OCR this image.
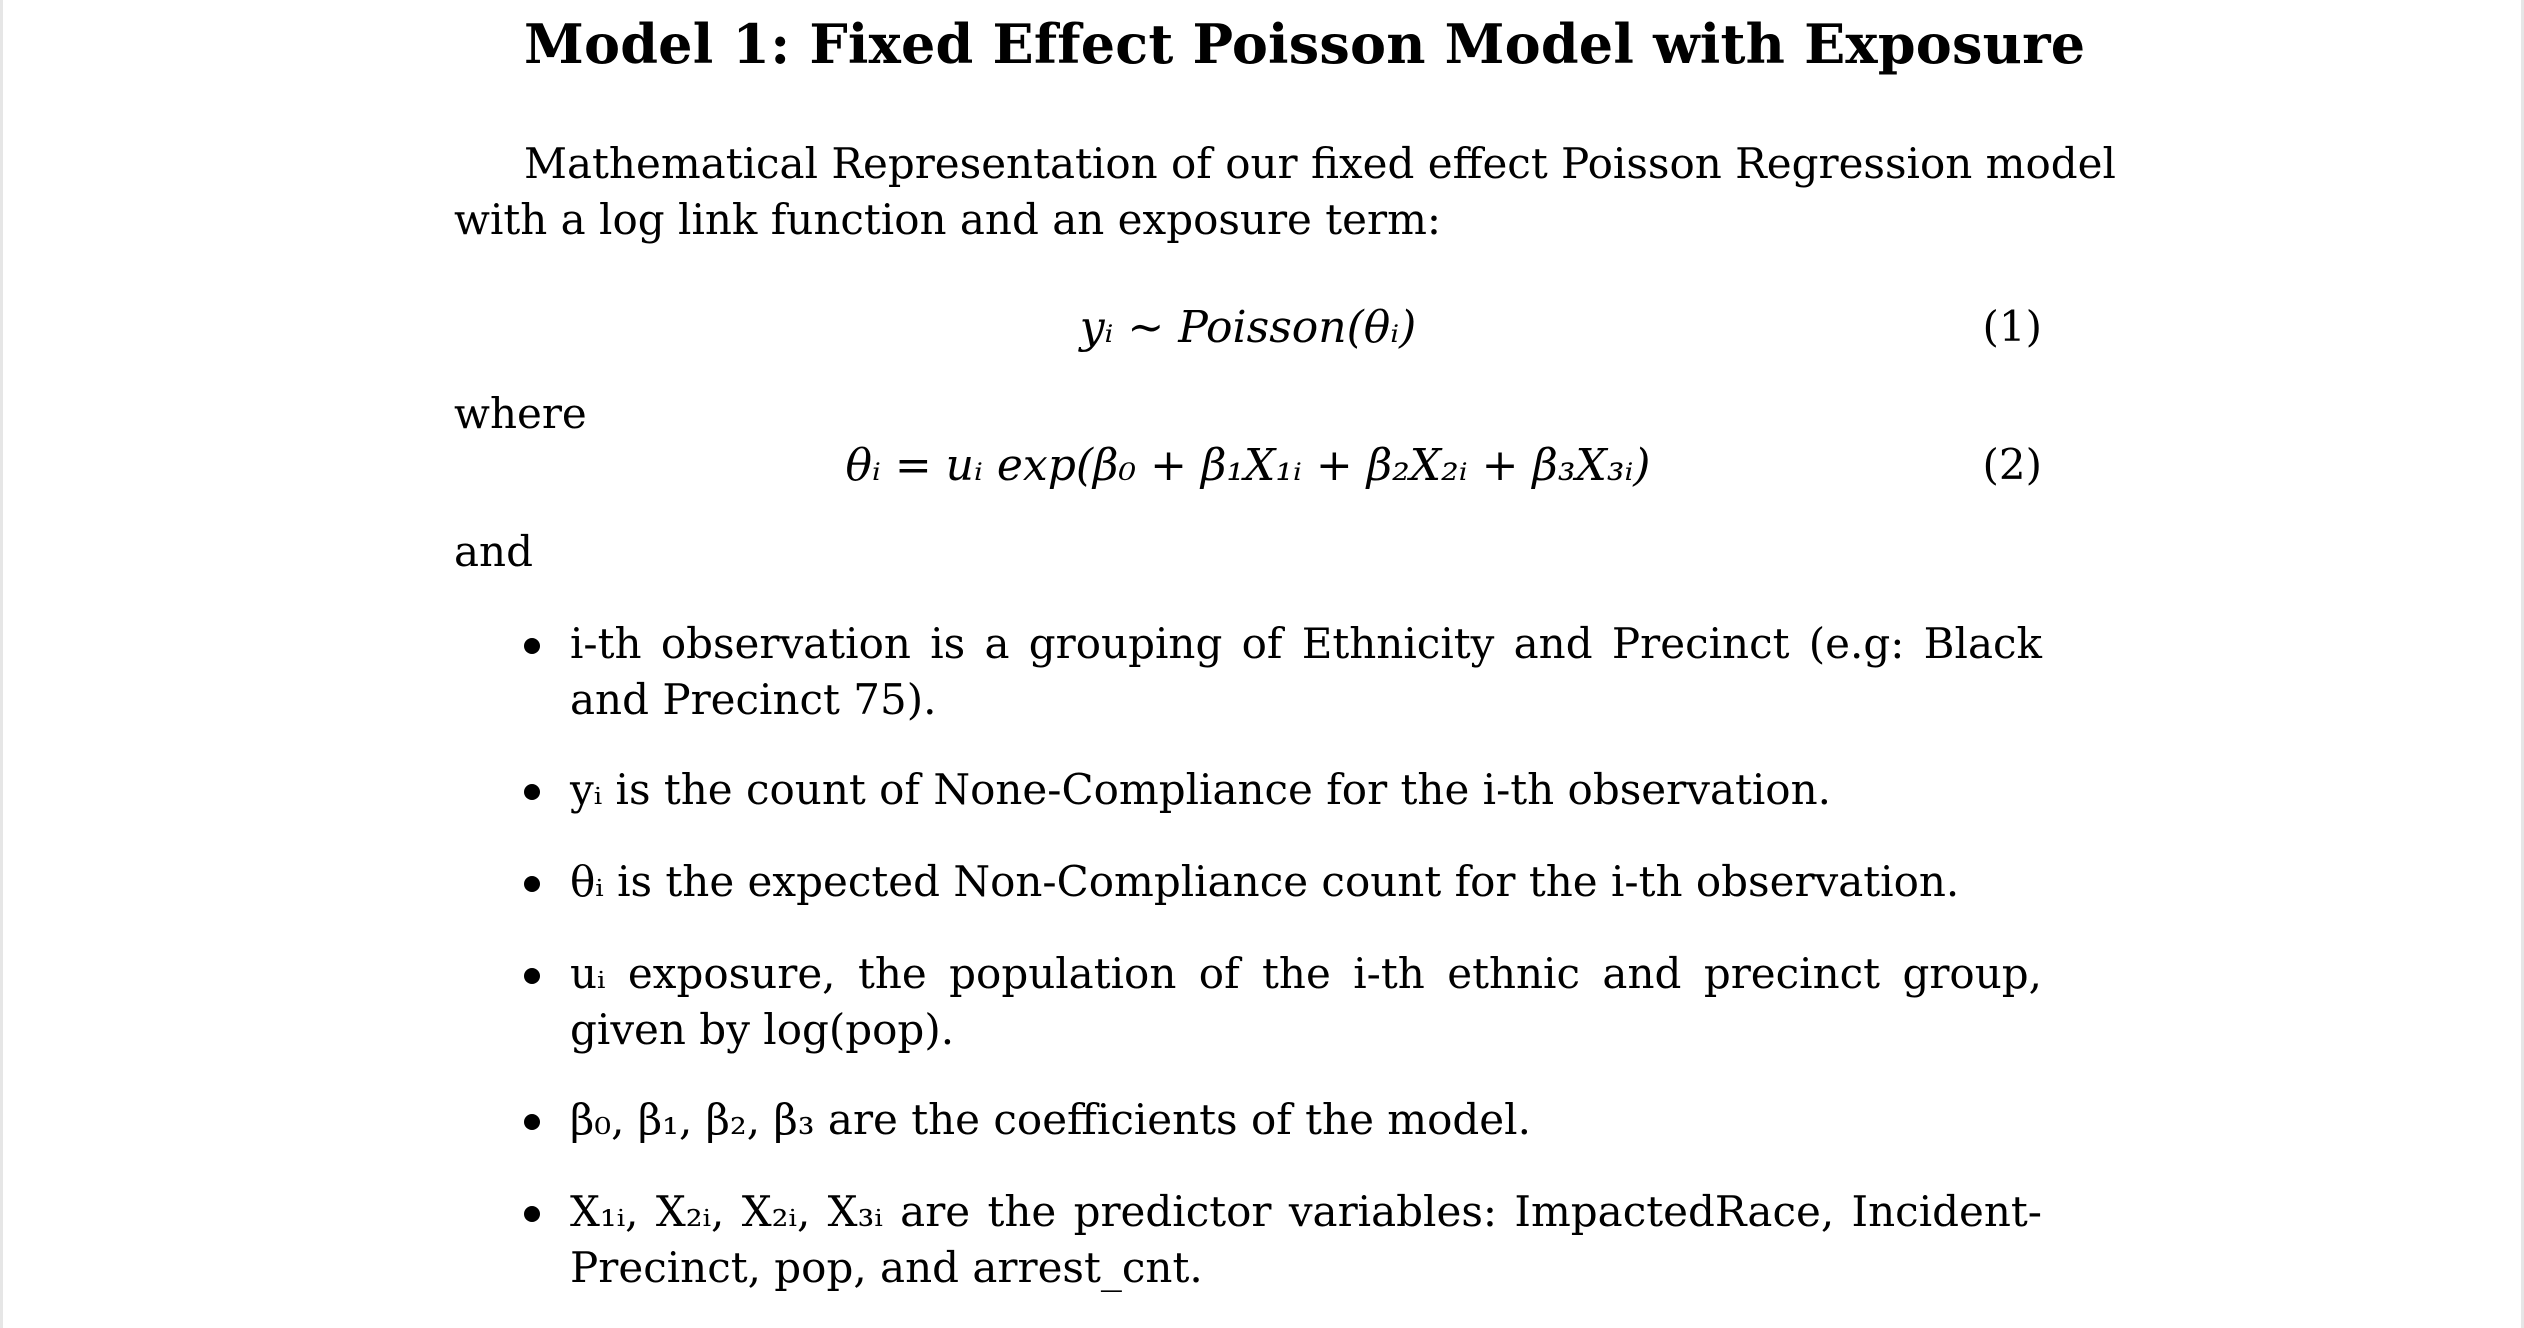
Model 1: Fixed Effect Poisson Model with Exposure
Mathematical Representation of our fixed effect Poisson Regression model
with a log link function and an exposure term:
yᵢ ∼ Poisson(θᵢ)	(1)
where
θᵢ = uᵢ exp(β₀ + β₁X₁ᵢ + β₂X₂ᵢ + β₃X₃ᵢ)	(2)
and
i-th observation is a grouping of Ethnicity and Precinct (e.g: Black and Precinct 75).
yᵢ is the count of None-Compliance for the i-th observation.
θᵢ is the expected Non-Compliance count for the i-th observation.
uᵢ exposure, the population of the i-th ethnic and precinct group, given by log(pop).
β₀, β₁, β₂, β₃ are the coefficients of the model.
X₁ᵢ, X₂ᵢ, X₂ᵢ, X₃ᵢ are the predictor variables: ImpactedRace, Incident-Precinct, pop, and arrest_cnt.
